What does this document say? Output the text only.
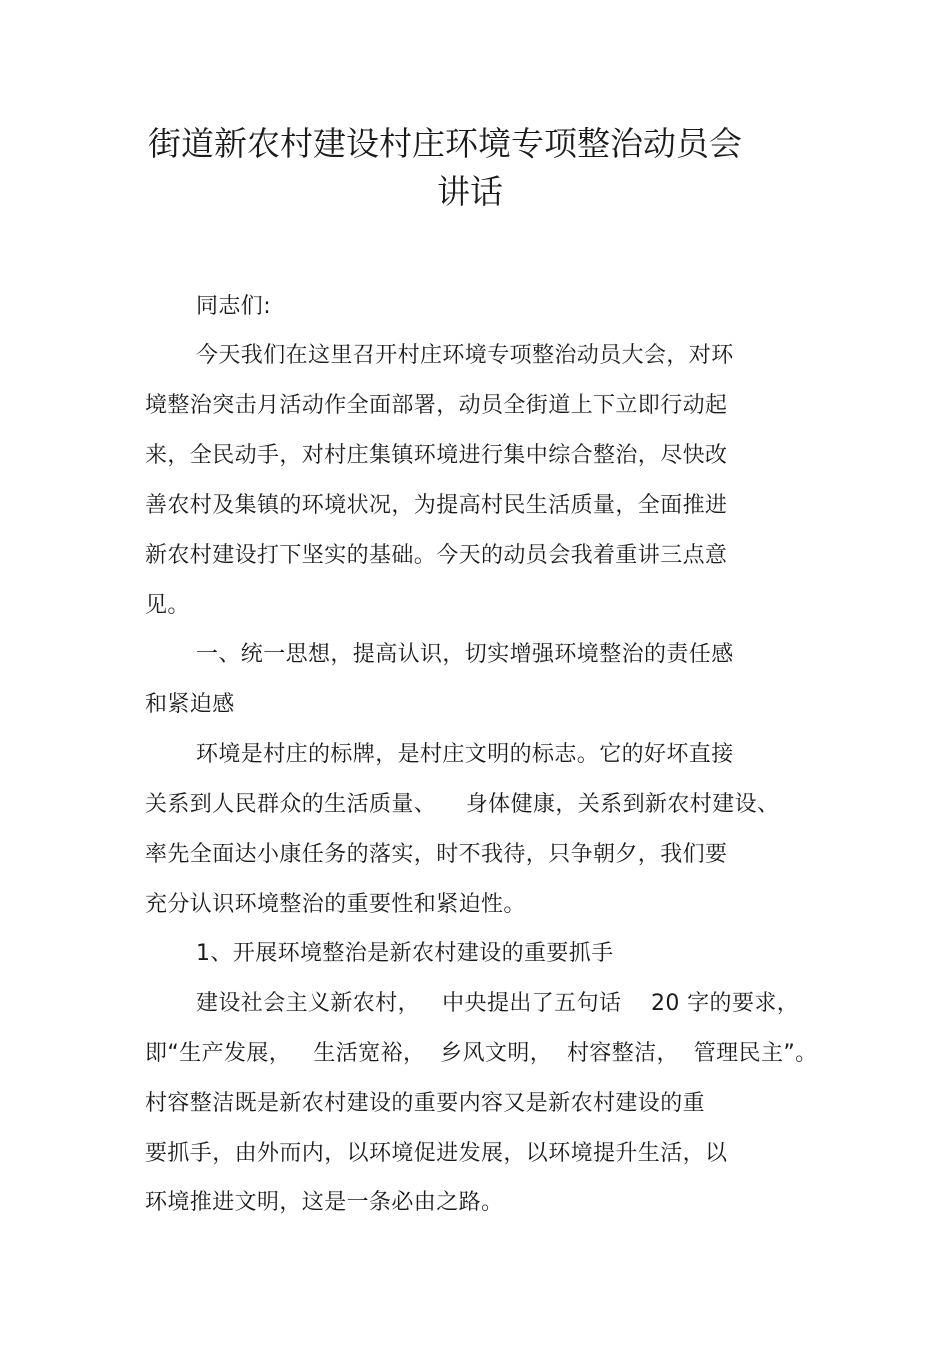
街道新农村建设村庄环境专项整治动员会
讲话
同志们:
今天我们在这里召开村庄环境专项整治动员大会，对环
境整治突击月活动作全面部署，动员全街道上下立即行动起
来，全民动手，对村庄集镇环境进行集中综合整治，尽快改
善农村及集镇的环境状况，为提高村民生活质量，全面推进
新农村建设打下坚实的基础。今天的动员会我着重讲三点意
见。
一、统一思想，提高认识，切实增强环境整治的责任感
和紧迫感
环境是村庄的标牌，是村庄文明的标志。它的好坏直接
关系到人民群众的生活质量、    身体健康，关系到新农村建设、
率先全面达小康任务的落实，时不我待，只争朝夕，我们要
充分认识环境整治的重要性和紧迫性。
1、开展环境整治是新农村建设的重要抓手
建设社会主义新农村，   中央提出了五句话    20 字的要求，
即“生产发展，   生活宽裕，  乡风文明，  村容整洁，  管理民主”。
村容整洁既是新农村建设的重要内容又是新农村建设的重
要抓手，由外而内，以环境促进发展，以环境提升生活，以
环境推进文明，这是一条必由之路。
